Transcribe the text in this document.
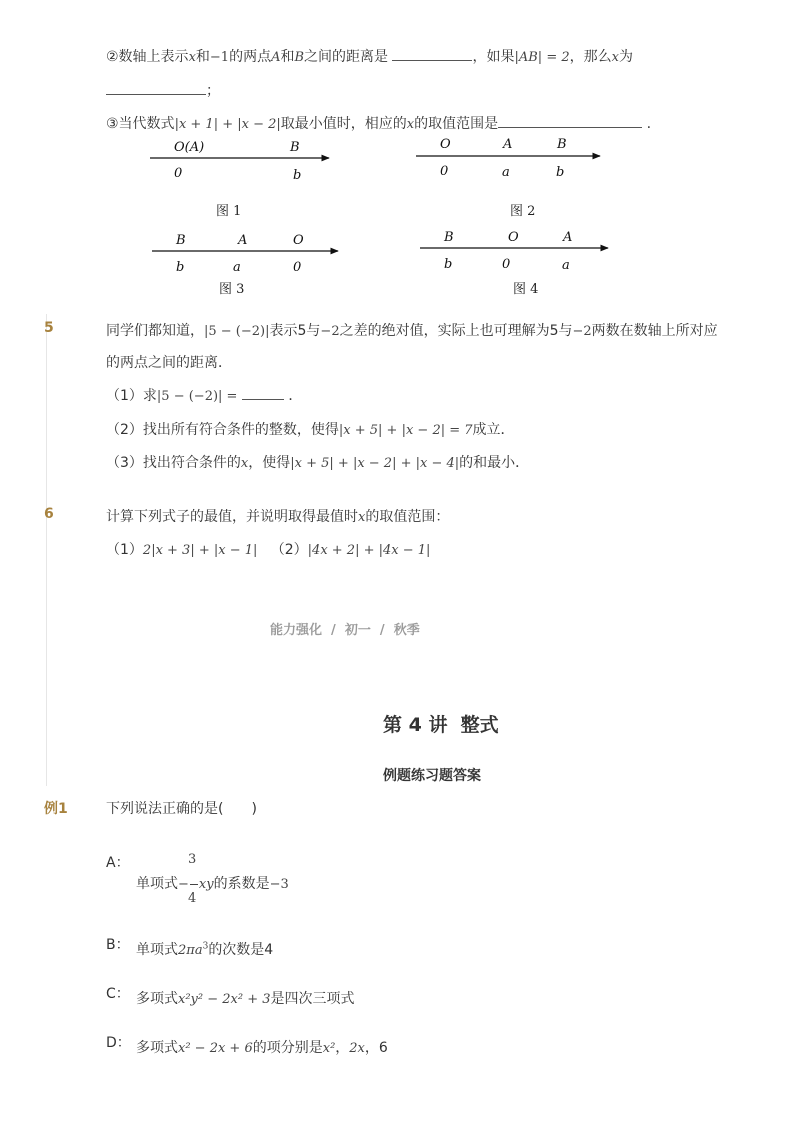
②数轴上表示x和−1的两点A和B之间的距离是	，如果|AB| = 2，那么x为
；
③当代数式|x + 1| + |x − 2|取最小值时，相应的x的取值范围是	.
O(A)	B
0	b
O	A	B
0	a	b
B	A	O
b	a	0
B	O	A
b	0	a
图 1	图 2
图 3	图 4
5	同学们都知道，|5 − (−2)|表示5与−2之差的绝对值，实际上也可理解为5与−2两数在数轴上所对应
的两点之间的距离．
（1）求|5 − (−2)| =	．
（2）找出所有符合条件的整数，使得|x + 5| + |x − 2| = 7成立．
（3）找出符合条件的x，使得|x + 5| + |x − 2| + |x − 4|的和最小．
6	计算下列式子的最值，并说明取得最值时x的取值范围：
（1）2|x + 3| + |x − 1| （2）|4x + 2| + |4x − 1|
能力强化  /  初一  /  秋季
第 4 讲  整式
例题练习题答案
例1	下列说法正确的是(　　)
A：	3
4
单项式− xy的系数是−3
B： 单项式$2\pi a^3$的次数是4
C： 多项式x²y² − 2x² + 3是四次三项式
D： 多项式x² − 2x + 6的项分别是x²，2x，6
